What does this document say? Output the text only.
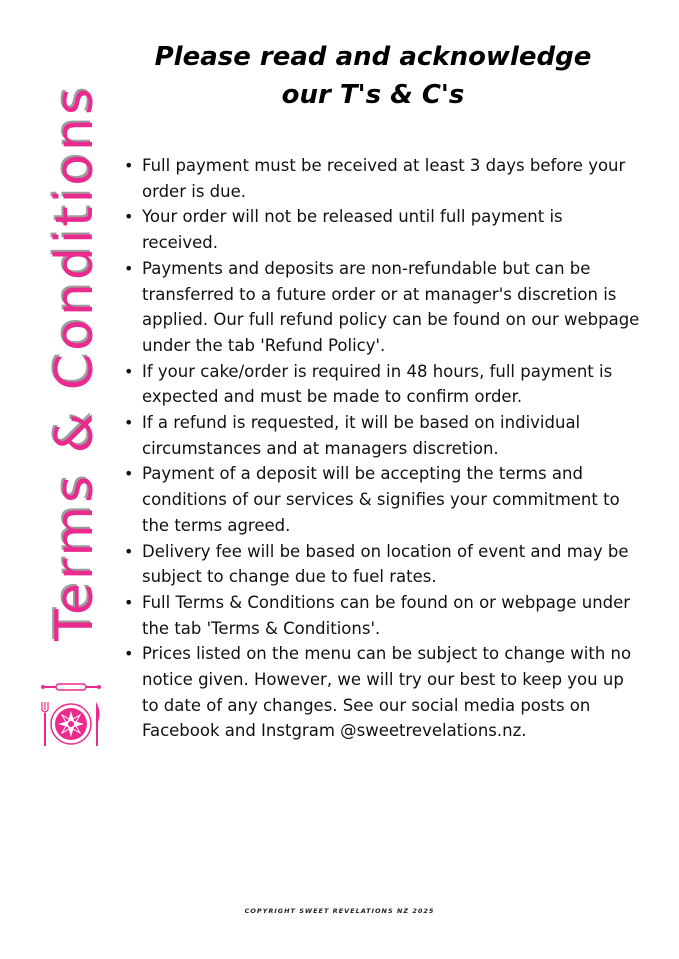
Terms & Conditions
Please read and acknowledge
our T's & C's
• Full payment must be received at least 3 days before your order is due.
• Your order will not be released until full payment is received.
• Payments and deposits are non-refundable but can be transferred to a future order or at manager's discretion is applied. Our full refund policy can be found on our webpage under the tab 'Refund Policy'.
• If your cake/order is required in 48 hours, full payment is expected and must be made to confirm order.
• If a refund is requested, it will be based on individual circumstances and at managers discretion.
• Payment of a deposit will be accepting the terms and conditions of our services & signifies your commitment to the terms agreed.
• Delivery fee will be based on location of event and may be subject to change due to fuel rates.
• Full Terms & Conditions can be found on or webpage under the tab 'Terms & Conditions'.
• Prices listed on the menu can be subject to change with no notice given. However, we will try our best to keep you up to date of any changes. See our social media posts on Facebook and Instgram @sweetrevelations.nz.
COPYRIGHT SWEET REVELATIONS NZ 2025
